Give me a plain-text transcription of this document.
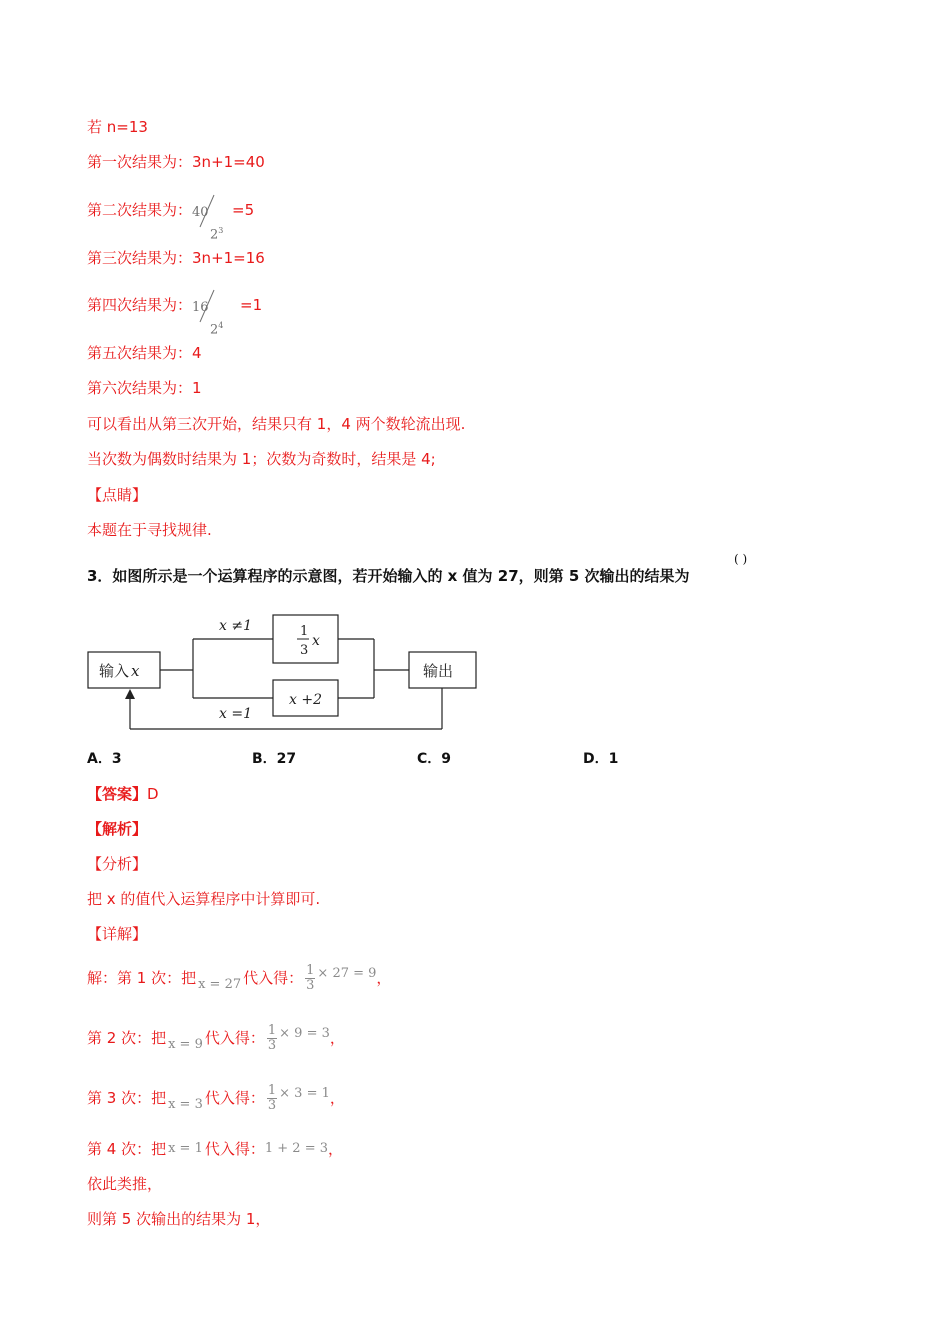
若 n=13
第一次结果为：3n+1=40
第二次结果为： 40
$2^3$
=5
第三次结果为：3n+1=16
第四次结果为： 16
$2^4$
=1
第五次结果为：4
第六次结果为：1
可以看出从第三次开始，结果只有 1，4 两个数轮流出现.
当次数为偶数时结果为 1；次数为奇数时，结果是 4;
【点睛】
本题在于寻找规律.
3．如图所示是一个运算程序的示意图，若开始输入的 x 值为 27，则第 5 次输出的结果为
( )
输入 x	输出
x ≠1
x =1
1
3
x
x +2
A．3	B．27	C．9	D．1
【答案】D
【解析】
【分析】
把 x 的值代入运算程序中计算即可.
【详解】
解：第 1 次：把 x = 27 代入得： $\frac{1}{3} \times 27 = 9$，
第 2 次：把 x = 9 代入得： $\frac{1}{3} \times 9 = 3$，
第 3 次：把 x = 3 代入得： $\frac{1}{3} \times 3 = 1$，
第 4 次：把 x = 1 代入得：1 + 2 = 3，
依此类推，
则第 5 次输出的结果为 1，
